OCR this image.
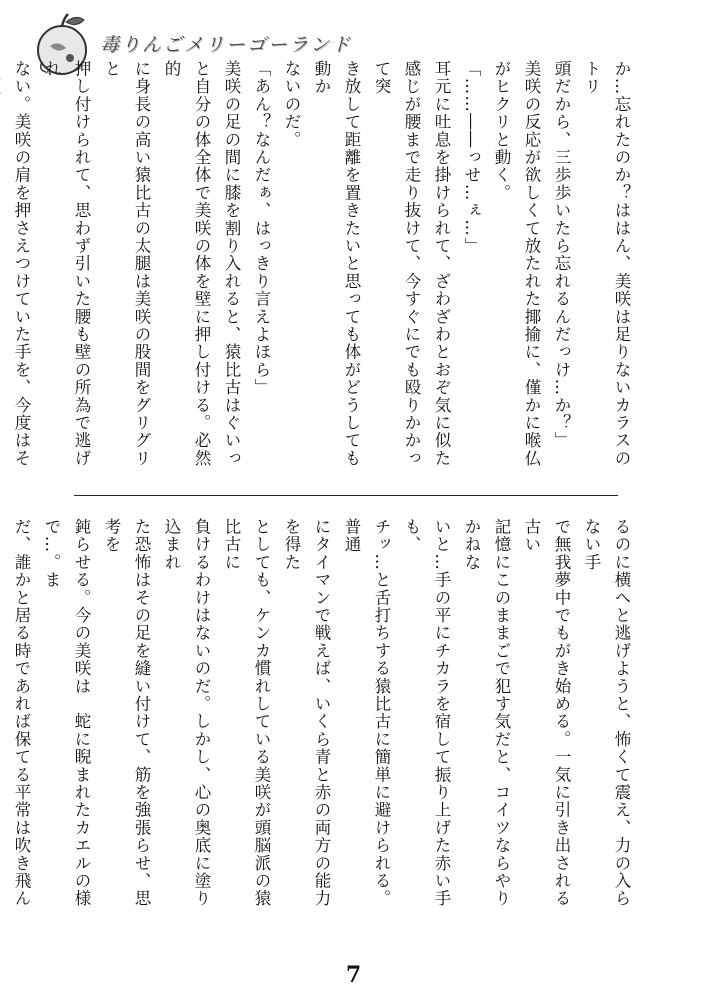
毒りんごメリーゴーランド

か…忘れたのか？ははん、美咲は足りないカラスのトリ

頭だから、三歩歩いたら忘れるんだっけ…か？」

美咲の反応が欲しくて放たれた揶揄に、僅かに喉仏

がヒクリと動く。

「……――っせ…ぇ…」

耳元に吐息を掛けられて、ざわざわとおぞ気に似た

感じが腰まで走り抜けて、今すぐにでも殴りかかって突

き放して距離を置きたいと思っても体がどうしても動か

ないのだ。

「あん？なんだぁ、はっきり言えよほら」

美咲の足の間に膝を割り入れると、猿比古はぐいっ

と自分の体全体で美咲の体を壁に押し付ける。必然的

に身長の高い猿比古の太腿は美咲の股間をグリグリと

押し付けられて、思わず引いた腰も壁の所為で逃げれ

ない。美咲の肩を押さえつけていた手を、今度はそ

るのに横へと逃げようと、怖くて震え、力の入らない手

で無我夢中でもがき始める。一気に引き出される古い

記憶にこのままごで犯す気だと、コイツならやりかねな

いと…手の平にチカラを宿して振り上げた赤い手も、

チッ…と舌打ちする猿比古に簡単に避けられる。普通

にタイマンで戦えば、いくら青と赤の両方の能力を得た

としても、ケンカ慣れしている美咲が頭脳派の猿比古に

負けるわけはないのだ。しかし、心の奥底に塗り込まれ

た恐怖はその足を縫い付けて、筋を強張らせ、思考を

鈍らせる。今の美咲は　蛇に睨まれたカエルの様で…。ま

だ、誰かと居る時であれば保てる平常は吹き飛ん

7
